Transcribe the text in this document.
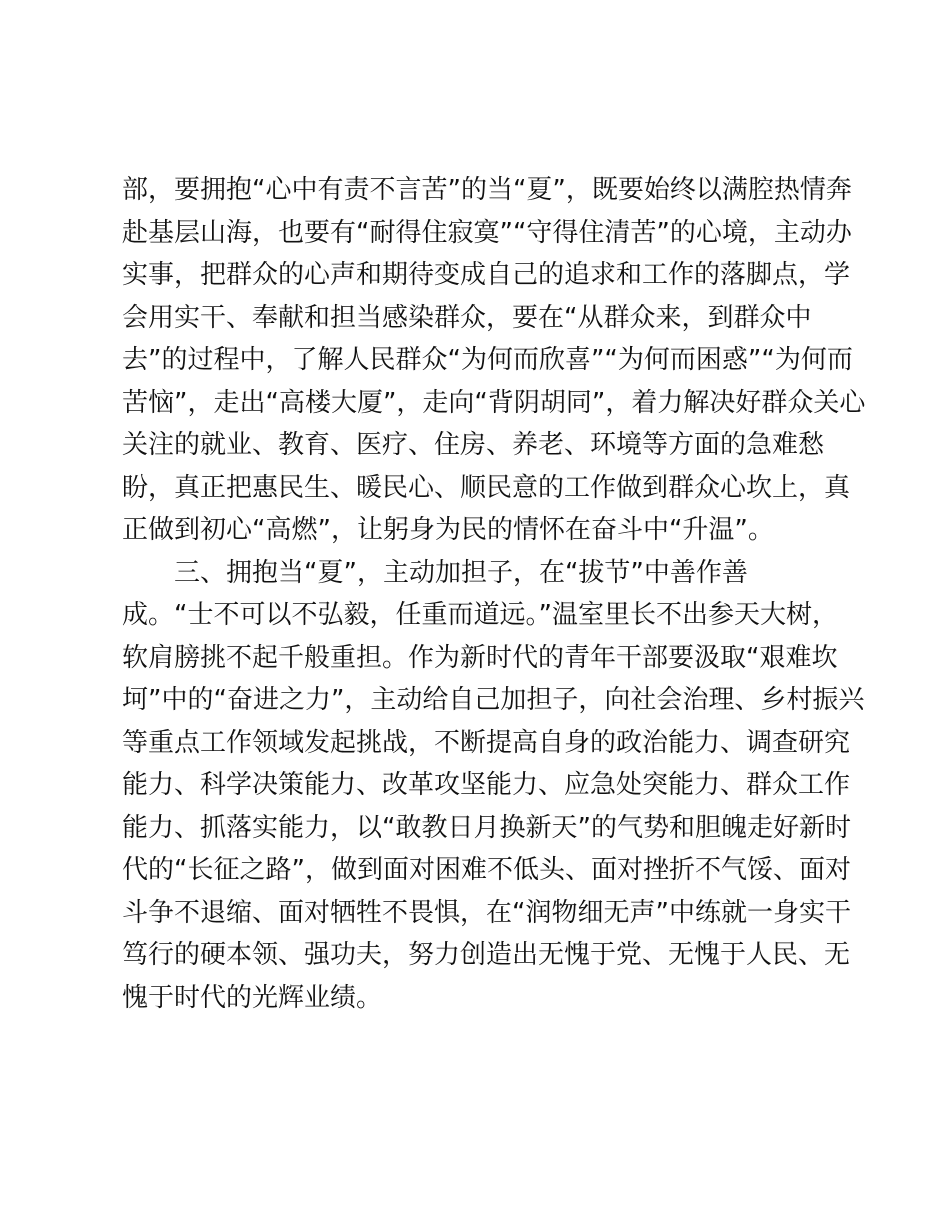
部，要拥抱“心中有责不言苦”的当“夏”，既要始终以满腔热情奔
赴基层山海，也要有“耐得住寂寞”“守得住清苦”的心境，主动办
实事，把群众的心声和期待变成自己的追求和工作的落脚点，学
会用实干、奉献和担当感染群众，要在“从群众来，到群众中
去”的过程中，了解人民群众“为何而欣喜”“为何而困惑”“为何而
苦恼”，走出“高楼大厦”，走向“背阴胡同”，着力解决好群众关心
关注的就业、教育、医疗、住房、养老、环境等方面的急难愁
盼，真正把惠民生、暖民心、顺民意的工作做到群众心坎上，真
正做到初心“高燃”，让躬身为民的情怀在奋斗中“升温”。
三、拥抱当“夏”，主动加担子，在“拔节”中善作善
成。“士不可以不弘毅，任重而道远。”温室里长不出参天大树，
软肩膀挑不起千般重担。作为新时代的青年干部要汲取“艰难坎
坷”中的“奋进之力”，主动给自己加担子，向社会治理、乡村振兴
等重点工作领域发起挑战，不断提高自身的政治能力、调查研究
能力、科学决策能力、改革攻坚能力、应急处突能力、群众工作
能力、抓落实能力，以“敢教日月换新天”的气势和胆魄走好新时
代的“长征之路”，做到面对困难不低头、面对挫折不气馁、面对
斗争不退缩、面对牺牲不畏惧，在“润物细无声”中练就一身实干
笃行的硬本领、强功夫，努力创造出无愧于党、无愧于人民、无
愧于时代的光辉业绩。
